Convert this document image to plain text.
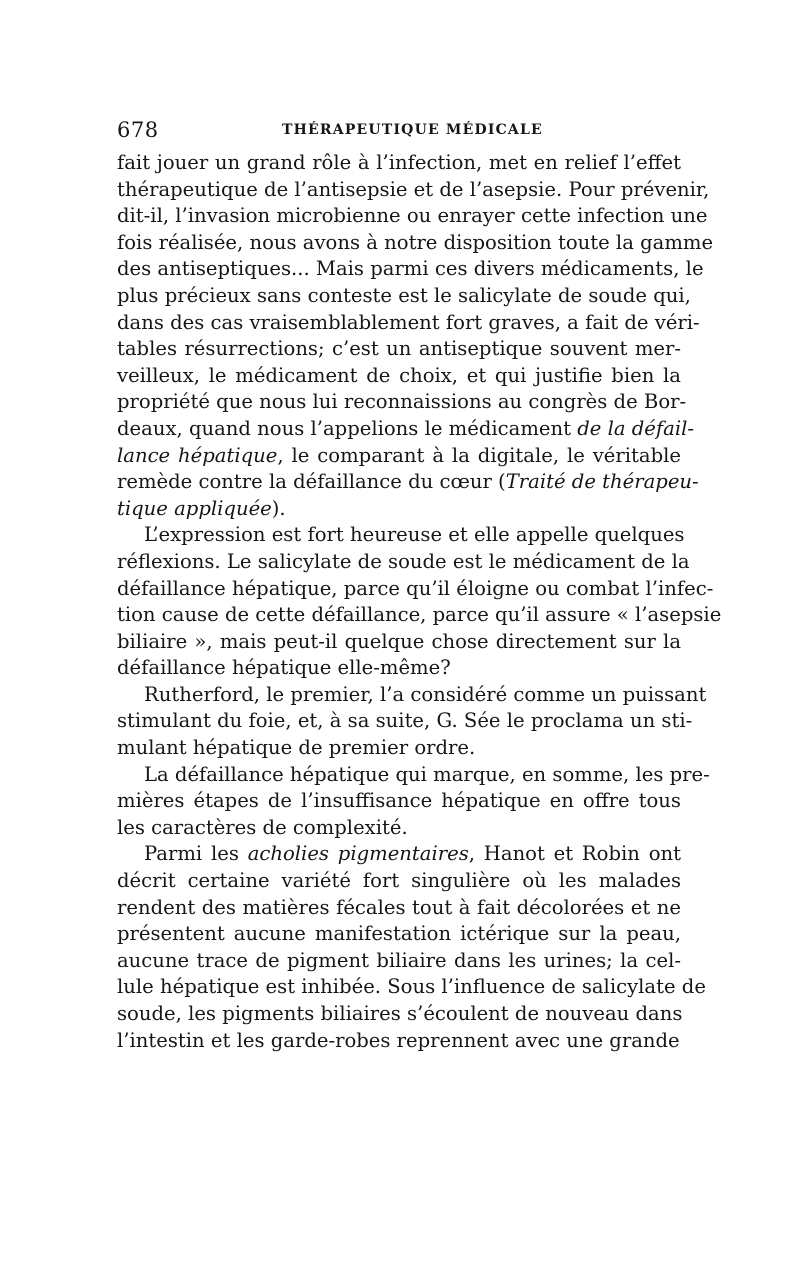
678	THÉRAPEUTIQUE MÉDICALE
fait jouer un grand rôle à l’infection, met en relief l’effet
thérapeutique de l’antisepsie et de l’asepsie. Pour prévenir,
dit-il, l’invasion microbienne ou enrayer cette infection une
fois réalisée, nous avons à notre disposition toute la gamme
des antiseptiques... Mais parmi ces divers médicaments, le
plus précieux sans conteste est le salicylate de soude qui,
dans des cas vraisemblablement fort graves, a fait de véri-
tables résurrections; c’est un antiseptique souvent mer-
veilleux, le médicament de choix, et qui justifie bien la
propriété que nous lui reconnaissions au congrès de Bor-
deaux, quand nous l’appelions le médicament de la défail-
lance hépatique, le comparant à la digitale, le véritable
remède contre la défaillance du cœur (Traité de thérapeu-
tique appliquée).
L’expression est fort heureuse et elle appelle quelques
réflexions. Le salicylate de soude est le médicament de la
défaillance hépatique, parce qu’il éloigne ou combat l’infec-
tion cause de cette défaillance, parce qu’il assure « l’asepsie
biliaire », mais peut-il quelque chose directement sur la
défaillance hépatique elle-même?
Rutherford, le premier, l’a considéré comme un puissant
stimulant du foie, et, à sa suite, G. Sée le proclama un sti-
mulant hépatique de premier ordre.
La défaillance hépatique qui marque, en somme, les pre-
mières étapes de l’insuffisance hépatique en offre tous
les caractères de complexité.
Parmi les acholies pigmentaires, Hanot et Robin ont
décrit certaine variété fort singulière où les malades
rendent des matières fécales tout à fait décolorées et ne
présentent aucune manifestation ictérique sur la peau,
aucune trace de pigment biliaire dans les urines; la cel-
lule hépatique est inhibée. Sous l’influence de salicylate de
soude, les pigments biliaires s’écoulent de nouveau dans
l’intestin et les garde-robes reprennent avec une grande
